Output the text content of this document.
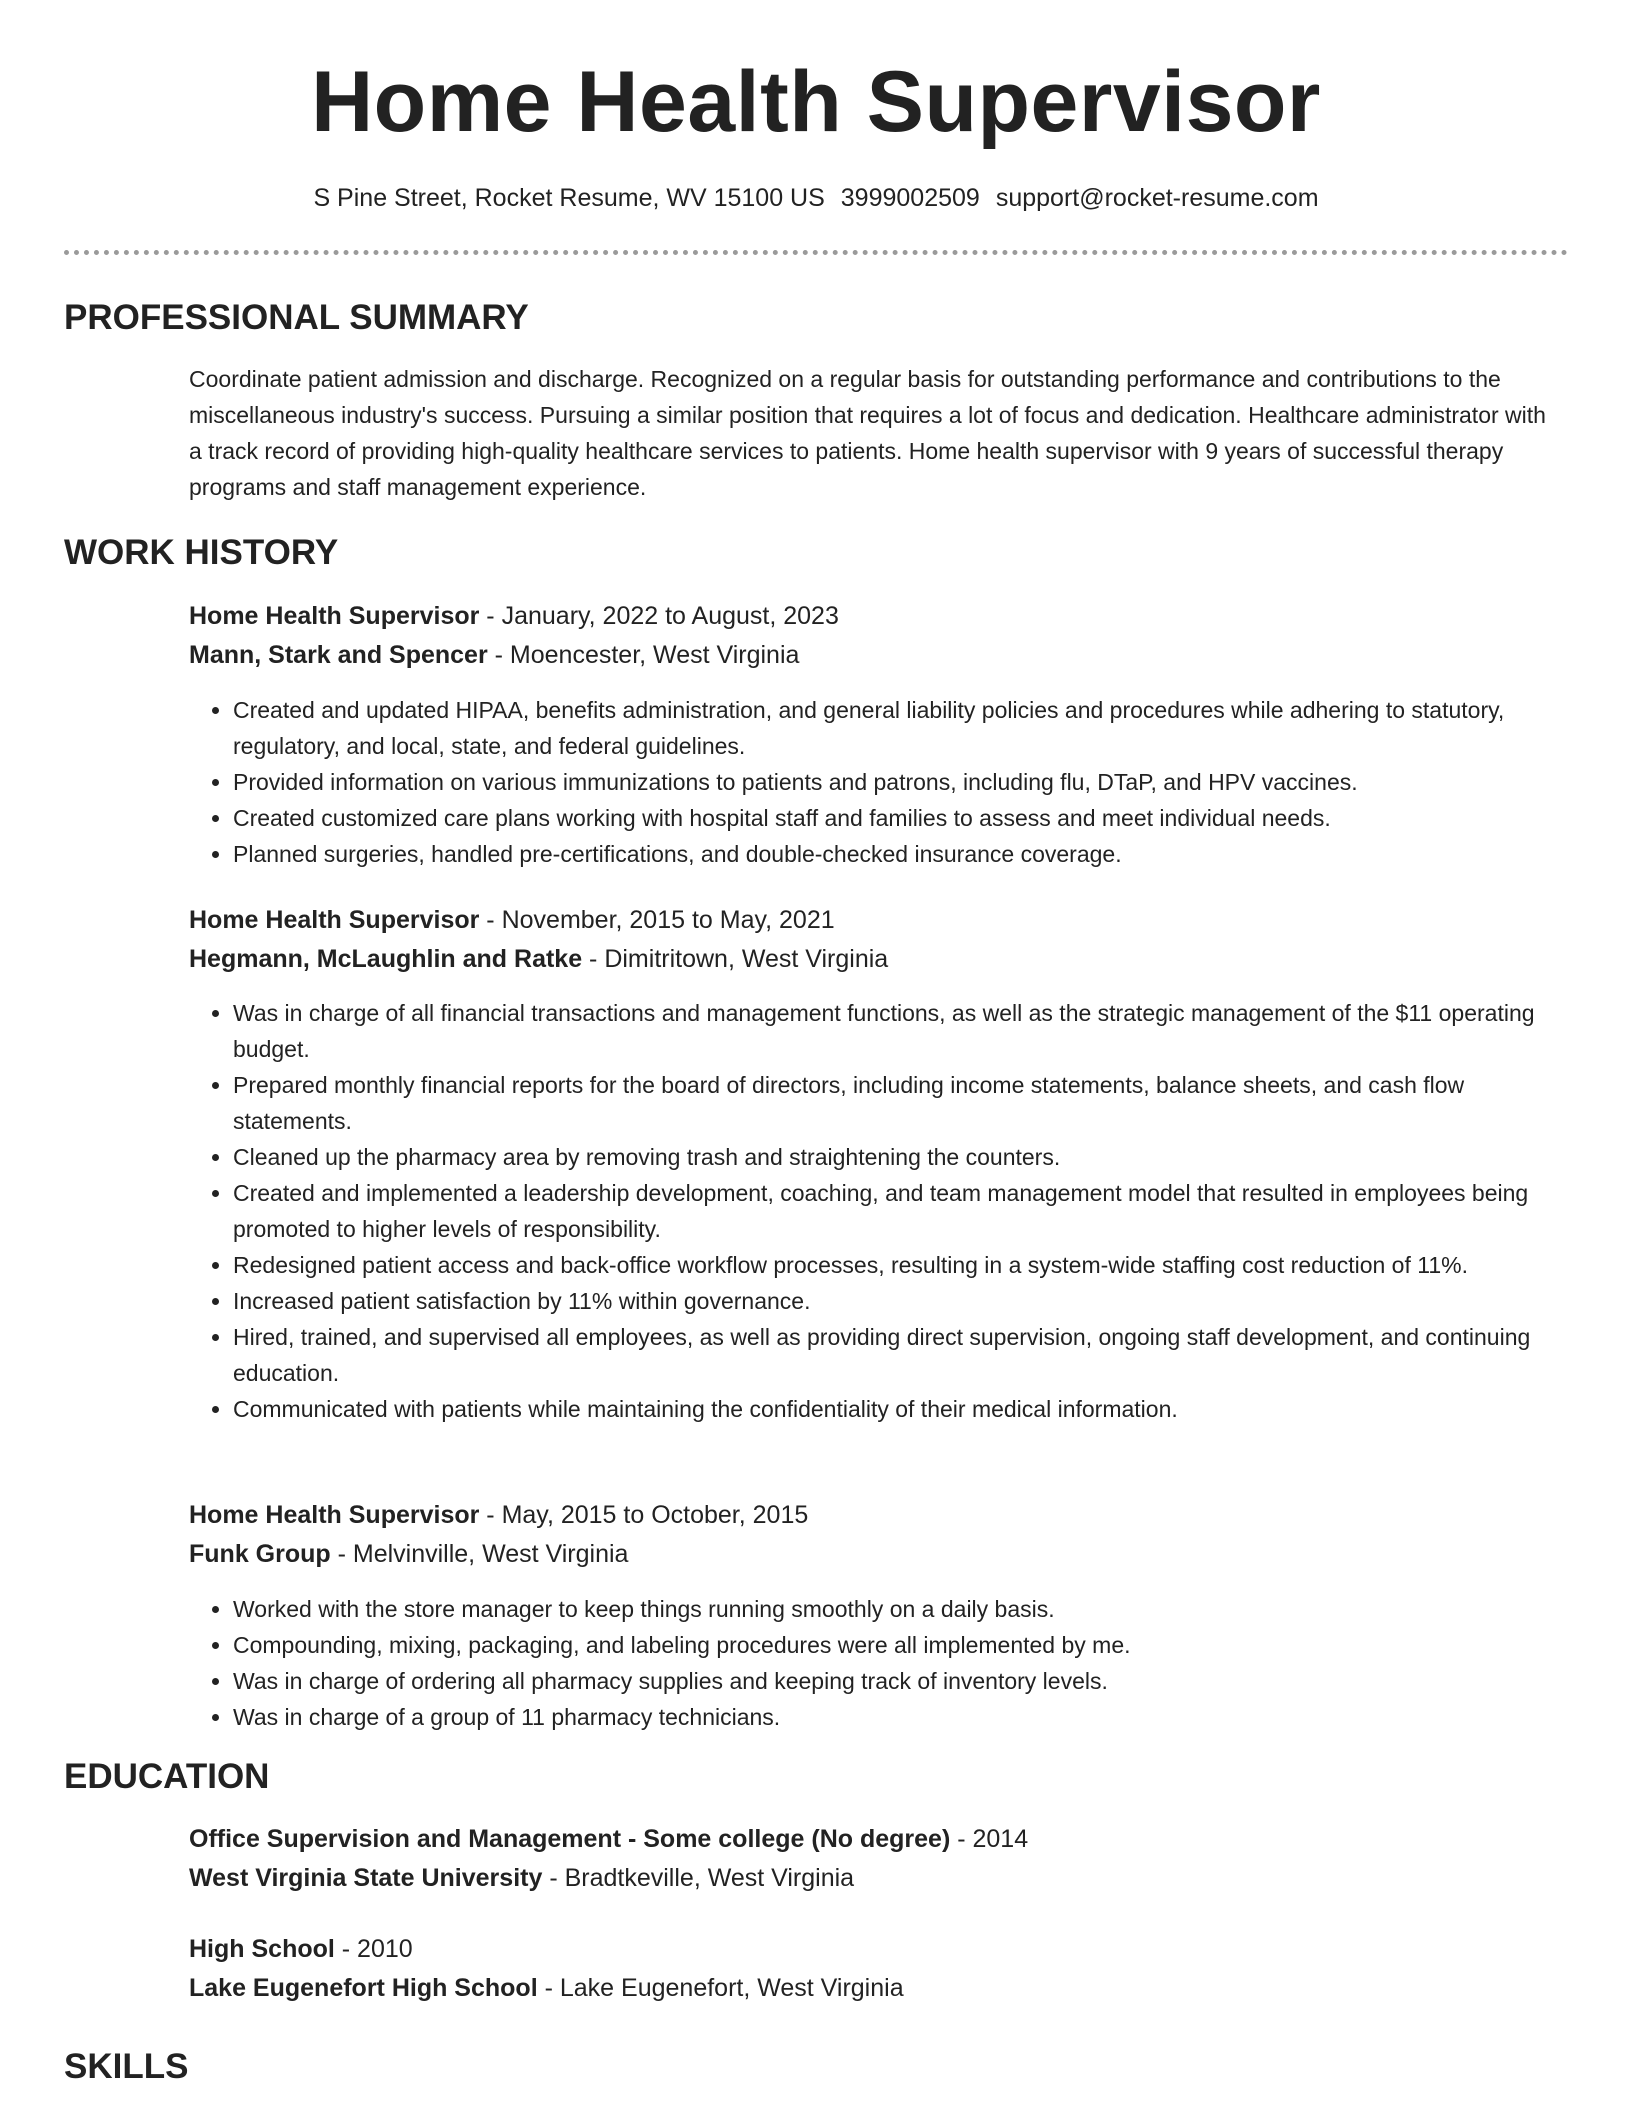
Home Health Supervisor
S Pine Street, Rocket Resume, WV 15100 US 3999002509 support@rocket-resume.com
PROFESSIONAL SUMMARY
Coordinate patient admission and discharge. Recognized on a regular basis for outstanding performance and contributions to the miscellaneous industry's success. Pursuing a similar position that requires a lot of focus and dedication. Healthcare administrator with a track record of providing high-quality healthcare services to patients. Home health supervisor with 9 years of successful therapy programs and staff management experience.
WORK HISTORY
Home Health Supervisor - January, 2022 to August, 2023
Mann, Stark and Spencer - Moencester, West Virginia
• Created and updated HIPAA, benefits administration, and general liability policies and procedures while adhering to statutory, regulatory, and local, state, and federal guidelines.
• Provided information on various immunizations to patients and patrons, including flu, DTaP, and HPV vaccines.
• Created customized care plans working with hospital staff and families to assess and meet individual needs.
• Planned surgeries, handled pre-certifications, and double-checked insurance coverage.
Home Health Supervisor - November, 2015 to May, 2021
Hegmann, McLaughlin and Ratke - Dimitritown, West Virginia
• Was in charge of all financial transactions and management functions, as well as the strategic management of the $11 operating budget.
• Prepared monthly financial reports for the board of directors, including income statements, balance sheets, and cash flow statements.
• Cleaned up the pharmacy area by removing trash and straightening the counters.
• Created and implemented a leadership development, coaching, and team management model that resulted in employees being promoted to higher levels of responsibility.
• Redesigned patient access and back-office workflow processes, resulting in a system-wide staffing cost reduction of 11%.
• Increased patient satisfaction by 11% within governance.
• Hired, trained, and supervised all employees, as well as providing direct supervision, ongoing staff development, and continuing education.
• Communicated with patients while maintaining the confidentiality of their medical information.
Home Health Supervisor - May, 2015 to October, 2015
Funk Group - Melvinville, West Virginia
• Worked with the store manager to keep things running smoothly on a daily basis.
• Compounding, mixing, packaging, and labeling procedures were all implemented by me.
• Was in charge of ordering all pharmacy supplies and keeping track of inventory levels.
• Was in charge of a group of 11 pharmacy technicians.
EDUCATION
Office Supervision and Management - Some college (No degree) - 2014
West Virginia State University - Bradtkeville, West Virginia
High School - 2010
Lake Eugenefort High School - Lake Eugenefort, West Virginia
SKILLS
